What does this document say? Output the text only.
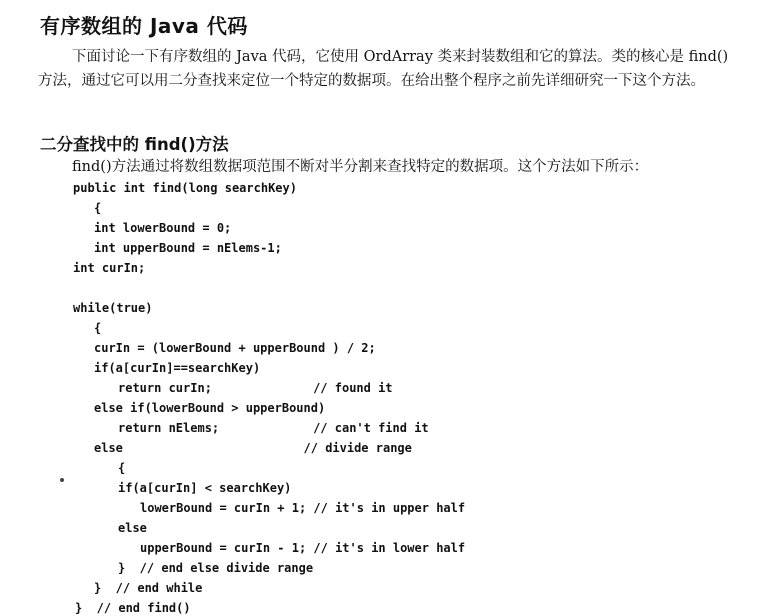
有序数组的 Java 代码
下面讨论一下有序数组的 Java 代码，它使用 OrdArray 类来封装数组和它的算法。类的核心是 find()方法，通过它可以用二分查找来定位一个特定的数据项。在给出整个程序之前先详细研究一下这个方法。
二分查找中的 find()方法
find()方法通过将数组数据项范围不断对半分割来查找特定的数据项。这个方法如下所示：
public int find(long searchKey)
{
int lowerBound = 0;
int upperBound = nElems-1;
int curIn;
while(true)
{
curIn = (lowerBound + upperBound ) / 2;
if(a[curIn]==searchKey)
return curIn;              // found it
else if(lowerBound > upperBound)
return nElems;             // can't find it
else                         // divide range
{
if(a[curIn] < searchKey)
lowerBound = curIn + 1; // it's in upper half
else
upperBound = curIn - 1; // it's in lower half
}  // end else divide range
}  // end while
}  // end find()
